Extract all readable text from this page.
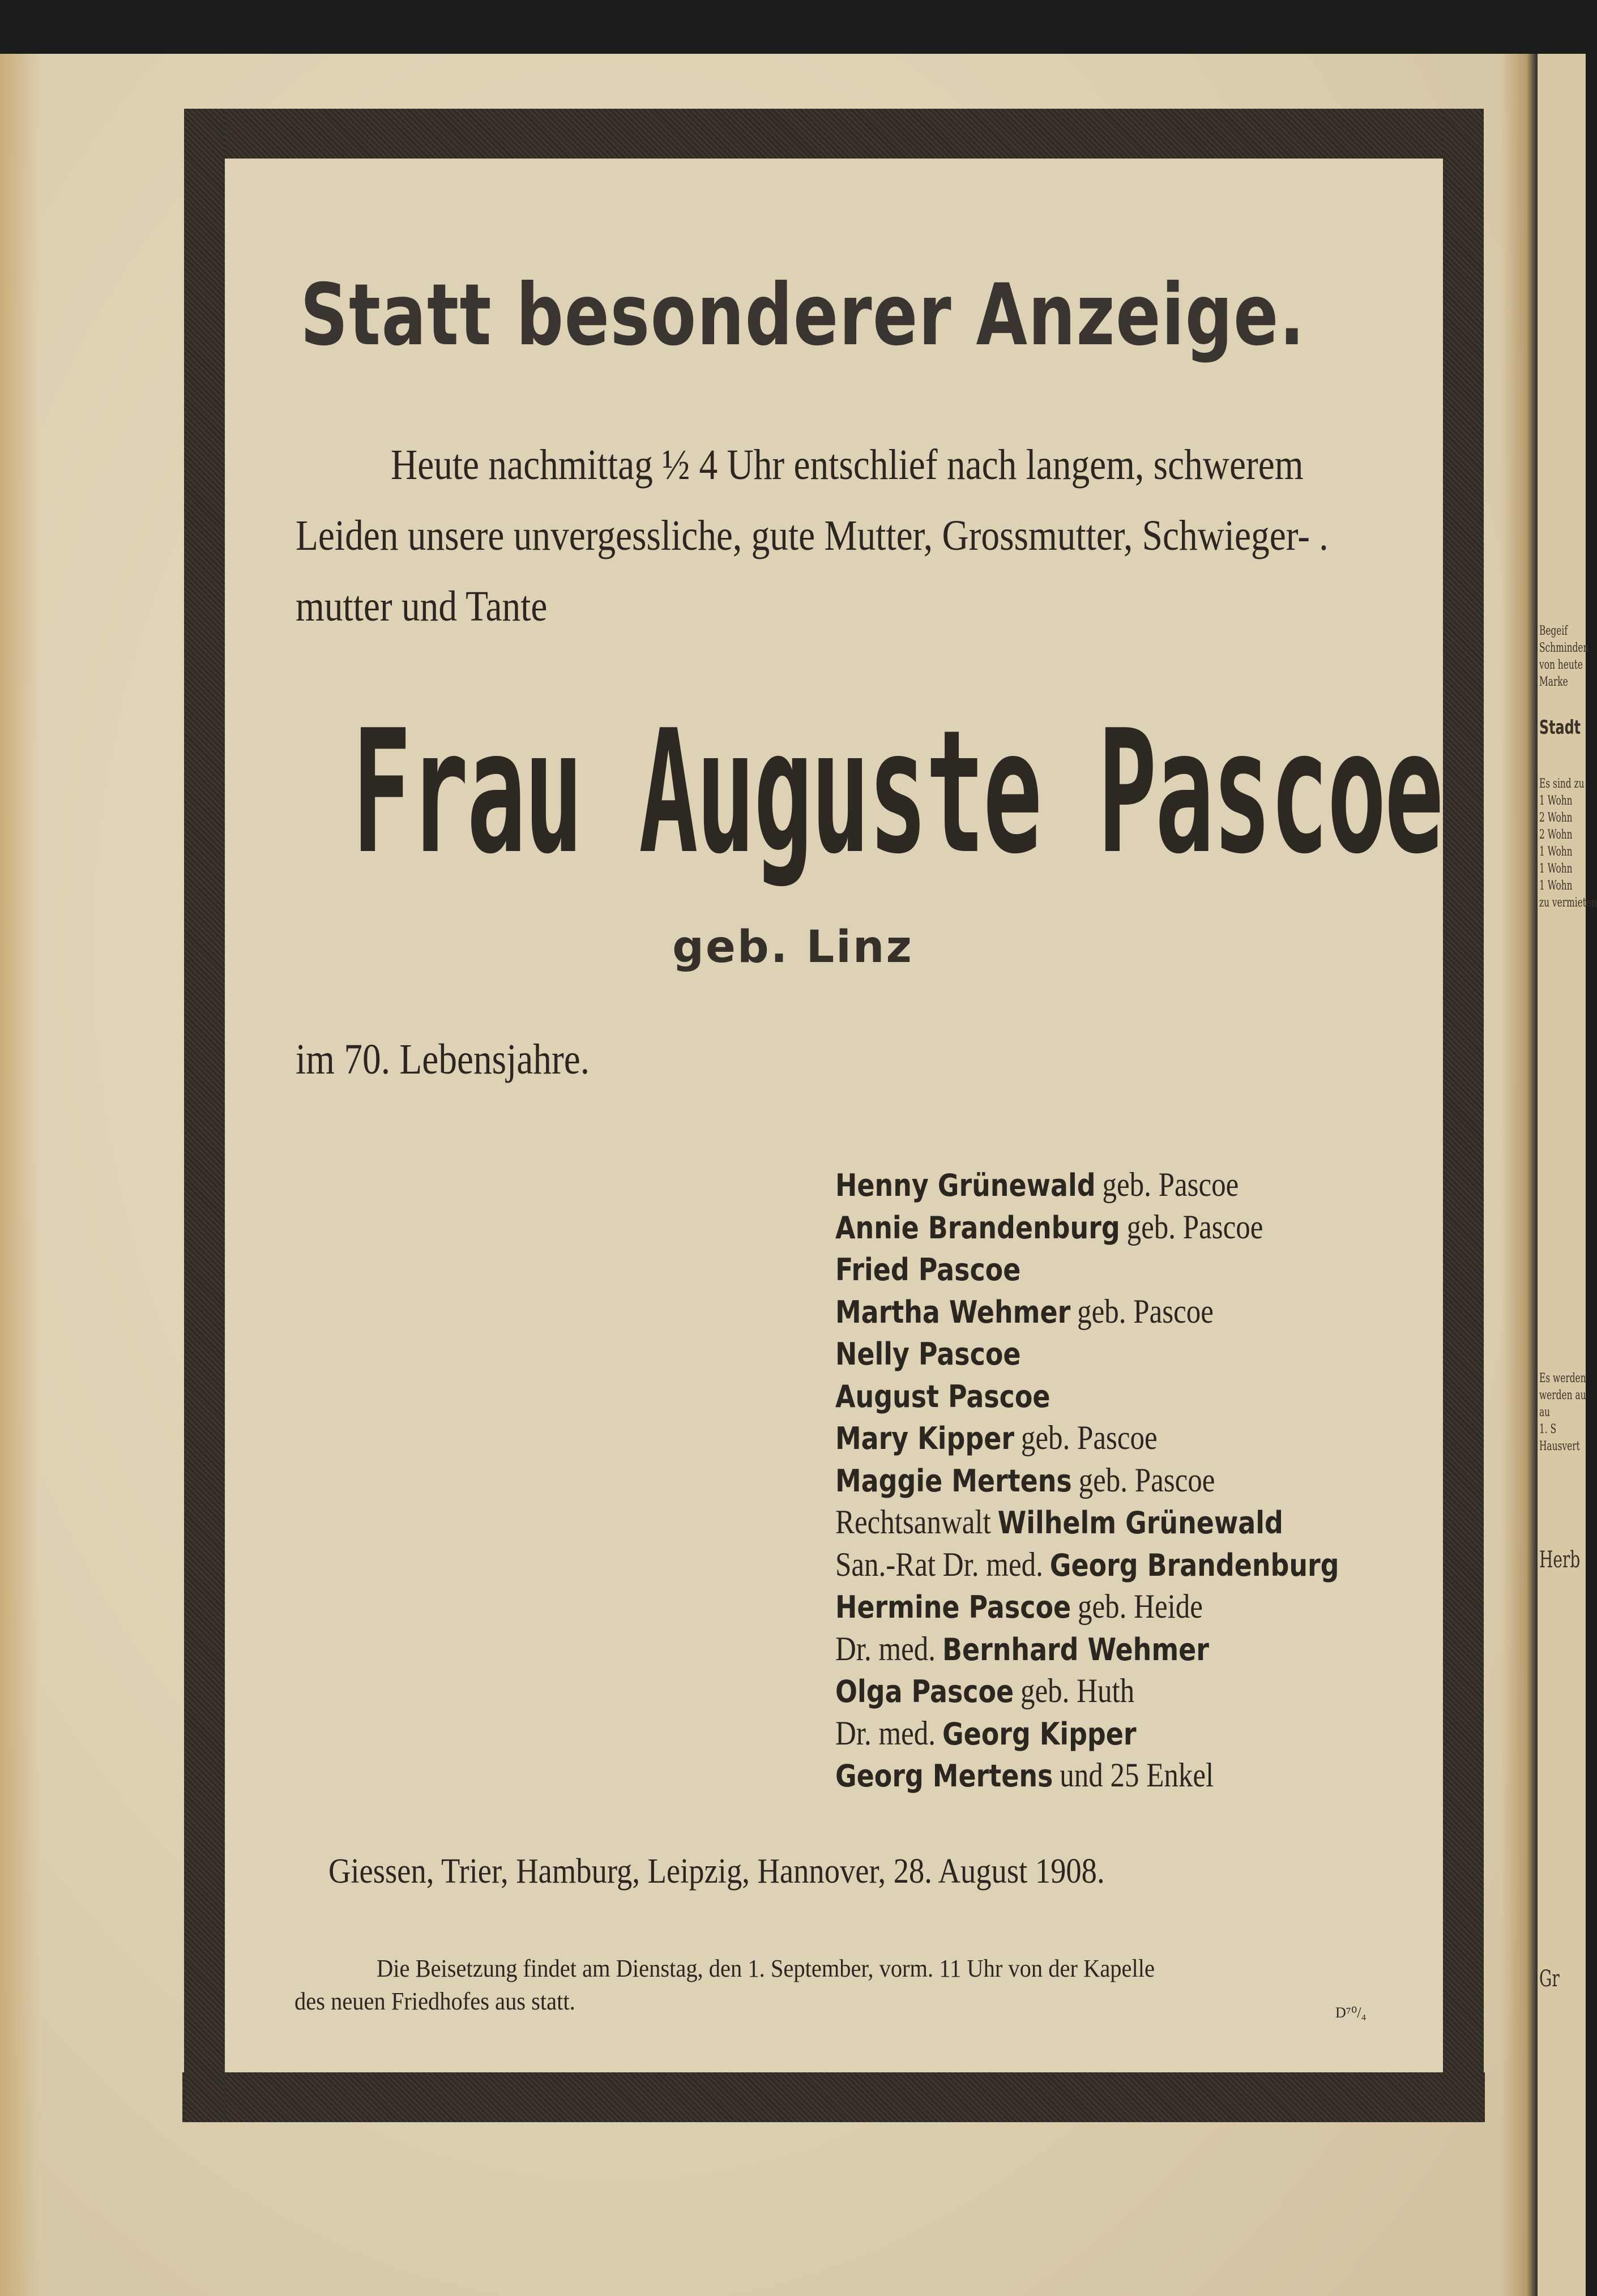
Begeif
Schminden
von heute
Marke
Stadt
Es sind zu
1 Wohn
2 Wohn
2 Wohn
1 Wohn
1 Wohn
1 Wohn
zu vermieten
Es werden
werden au
au
1. S
Hausvert
Herb
Gr
Statt besonderer Anzeige.
Heute nachmittag ½ 4 Uhr entschlief nach langem, schwerem
Leiden unsere unvergessliche, gute Mutter, Grossmutter, Schwieger- .
mutter und Tante
Frau Auguste Pascoe
geb. Linz
im 70. Lebensjahre.
Henny Grünewald geb. Pascoe
Annie Brandenburg geb. Pascoe
Fried Pascoe
Martha Wehmer geb. Pascoe
Nelly Pascoe
August Pascoe
Mary Kipper geb. Pascoe
Maggie Mertens geb. Pascoe
Rechtsanwalt Wilhelm Grünewald
San.-Rat Dr. med. Georg Brandenburg
Hermine Pascoe geb. Heide
Dr. med. Bernhard Wehmer
Olga Pascoe geb. Huth
Dr. med. Georg Kipper
Georg Mertens und 25 Enkel
Giessen, Trier, Hamburg, Leipzig, Hannover, 28. August 1908.
Die Beisetzung findet am Dienstag, den 1. September, vorm. 11 Uhr von der Kapelle
des neuen Friedhofes aus statt.	D⁷⁰/₄
